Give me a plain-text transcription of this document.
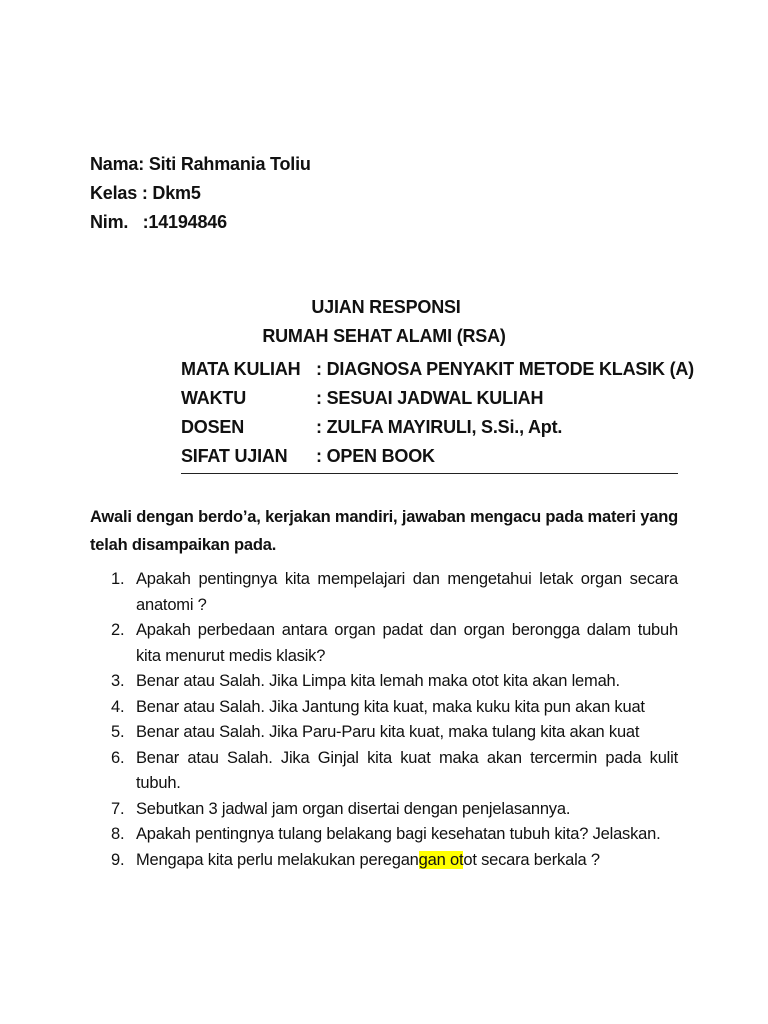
Nama: Siti Rahmania Toliu
Kelas : Dkm5
Nim.   :14194846
UJIAN RESPONSI
RUMAH SEHAT ALAMI (RSA)
MATA KULIAH : DIAGNOSA PENYAKIT METODE KLASIK (A)
WAKTU	: SESUAI JADWAL KULIAH
DOSEN	: ZULFA MAYIRULI, S.Si., Apt.
SIFAT UJIAN : OPEN BOOK
Awali dengan berdo’a, kerjakan mandiri, jawaban mengacu pada materi yang telah disampaikan pada.
1. Apakah pentingnya kita mempelajari dan mengetahui letak organ secara anatomi ?
2. Apakah perbedaan antara organ padat dan organ berongga dalam tubuh kita menurut medis klasik?
3. Benar atau Salah. Jika Limpa kita lemah maka otot kita akan lemah.
4. Benar atau Salah. Jika Jantung kita kuat, maka kuku kita pun akan kuat
5. Benar atau Salah. Jika Paru-Paru kita kuat, maka tulang kita akan kuat
6. Benar atau Salah. Jika Ginjal kita kuat maka akan tercermin pada kulit tubuh.
7. Sebutkan 3 jadwal jam organ disertai dengan penjelasannya.
8. Apakah pentingnya tulang belakang bagi kesehatan tubuh kita? Jelaskan.
9. Mengapa kita perlu melakukan peregangan otot secara berkala ?
